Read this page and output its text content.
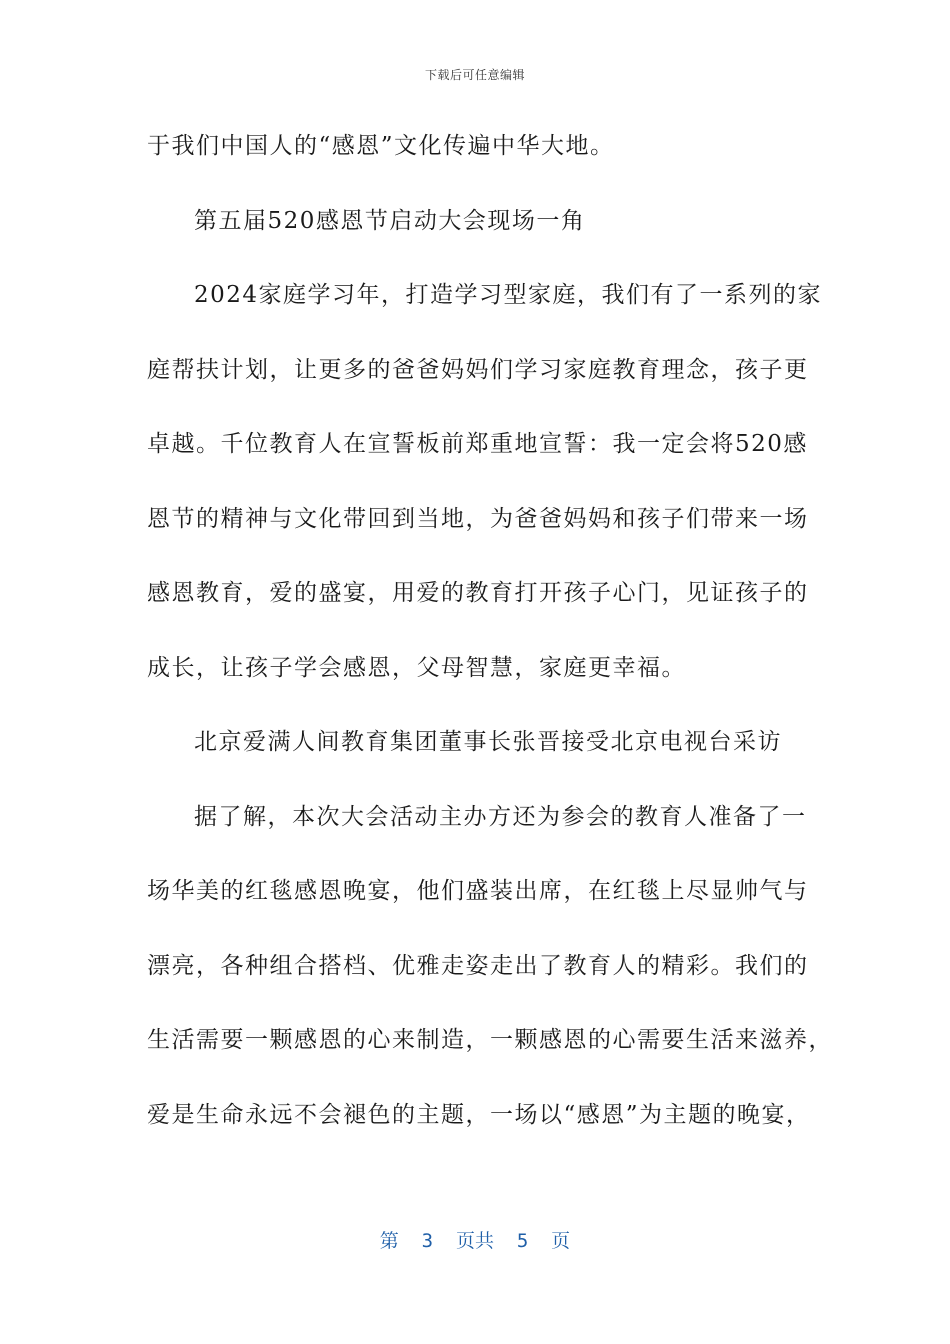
下载后可任意编辑
于我们中国人的“感恩”文化传遍中华大地。
第五届520感恩节启动大会现场一角
2024家庭学习年，打造学习型家庭，我们有了一系列的家
庭帮扶计划，让更多的爸爸妈妈们学习家庭教育理念，孩子更
卓越。千位教育人在宣誓板前郑重地宣誓：我一定会将520感
恩节的精神与文化带回到当地，为爸爸妈妈和孩子们带来一场
感恩教育，爱的盛宴，用爱的教育打开孩子心门，见证孩子的
成长，让孩子学会感恩，父母智慧，家庭更幸福。
北京爱满人间教育集团董事长张晋接受北京电视台采访
据了解，本次大会活动主办方还为参会的教育人准备了一
场华美的红毯感恩晚宴，他们盛装出席，在红毯上尽显帅气与
漂亮，各种组合搭档、优雅走姿走出了教育人的精彩。我们的
生活需要一颗感恩的心来制造，一颗感恩的心需要生活来滋养，
爱是生命永远不会褪色的主题，一场以“感恩”为主题的晚宴，
第  3  页共  5  页
